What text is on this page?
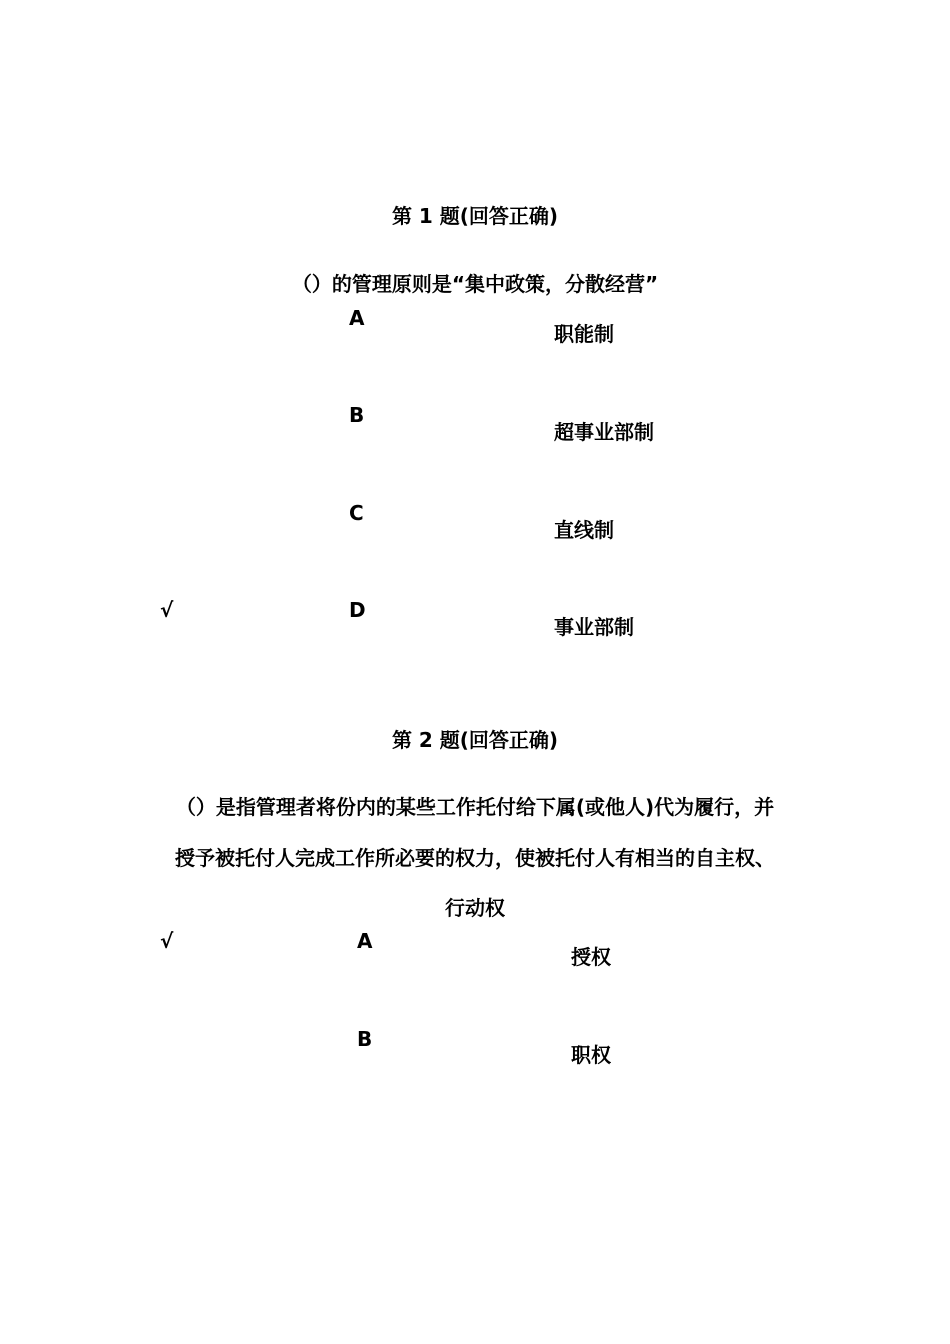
第 1 题(回答正确)
（）的管理原则是“集中政策，分散经营”
A
职能制
B
超事业部制
C
直线制
√	D
事业部制
第 2 题(回答正确)
（）是指管理者将份内的某些工作托付给下属(或他人)代为履行，并
授予被托付人完成工作所必要的权力，使被托付人有相当的自主权、
行动权
√	A
授权
B
职权
